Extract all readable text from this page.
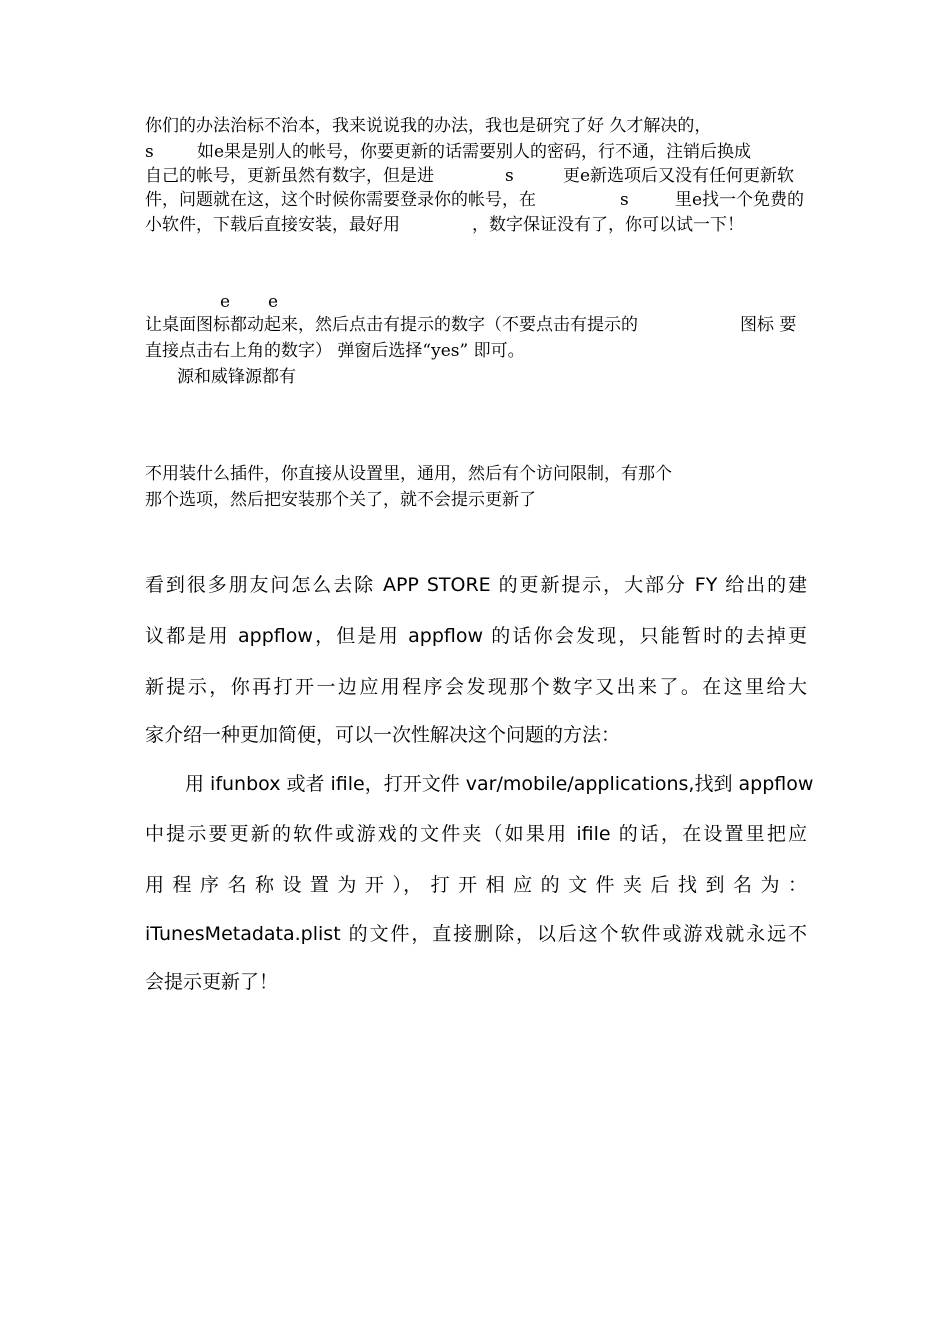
你们的办法治标不治本，我来说说我的办法，我也是研究了好 久才解决的，
s	如e果是别人的帐号，你要更新的话需要别人的密码，行不通，注销后换成
自己的帐号，更新虽然有数字，但是进	s	更e新选项后又没有任何更新软
件，问题就在这，这个时候你需要登录你的帐号，在	s	里e找一个免费的
小软件，下载后直接安装，最好用	，数字保证没有了，你可以试一下！
e e
让桌面图标都动起来，然后点击有提示的数字（不要点击有提示的	图标 要
直接点击右上角的数字） 弹窗后选择“yes” 即可。
源和威锋源都有
不用装什么插件，你直接从设置里，通用，然后有个访问限制，有那个
那个选项，然后把安装那个关了，就不会提示更新了
看到很多朋友问怎么去除 APP STORE 的更新提示，大部分 FY 给出的建
议都是用 appflow，但是用 appflow 的话你会发现，只能暂时的去掉更
新提示，你再打开一边应用程序会发现那个数字又出来了。在这里给大
家介绍一种更加简便，可以一次性解决这个问题的方法：
用 ifunbox 或者 ifile，打开文件 var/mobile/applications,找到 appflow
中提示要更新的软件或游戏的文件夹（如果用 ifile 的话，在设置里把应
用 程 序 名 称 设 置 为 开 ）， 打 开 相 应 的 文 件 夹 后 找 到 名 为 ：
iTunesMetadata.plist 的文件，直接删除，以后这个软件或游戏就永远不
会提示更新了！
